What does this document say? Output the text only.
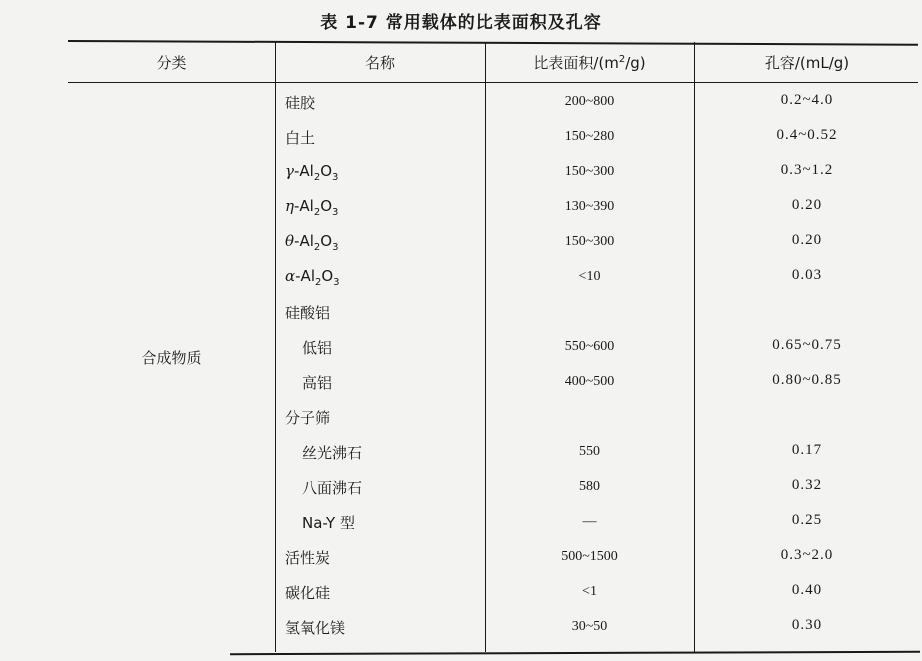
表 1-7 常用载体的比表面积及孔容
分类	名称	比表面积$/(m^2/g)$	孔容/(mL/g)
合成物质
硅胶	200~800	0.2~4.0
白土	150~280	0.4~0.52
$\gamma-Al_2O_3$	150~300	0.3~1.2
$\eta-Al_2O_3$	130~390	0.20
$\theta-Al_2O_3$	150~300	0.20
$\alpha-Al_2O_3$	<10	0.03
硅酸铝
低铝	550~600	0.65~0.75
高铝	400~500	0.80~0.85
分子筛
丝光沸石	550	0.17
八面沸石	580	0.32
Na-Y 型	—	0.25
活性炭	500~1500	0.3~2.0
碳化硅	<1	0.40
氢氧化镁	30~50	0.30
